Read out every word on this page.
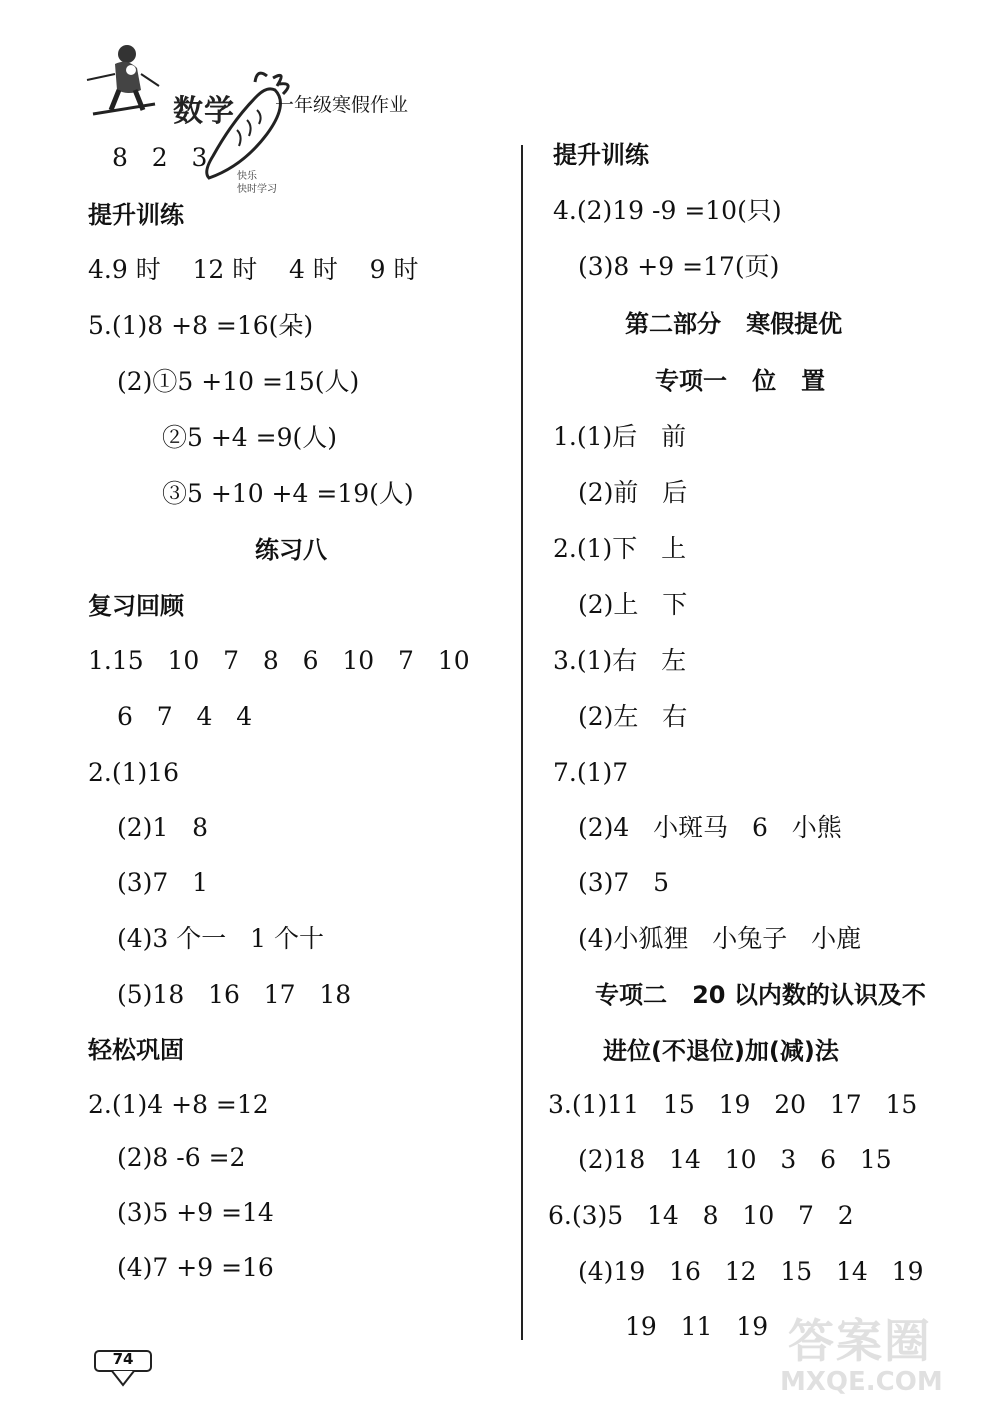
数学 一年级寒假作业
快乐
快时学习
8   2   3
提升训练
4.9 时    12 时    4 时    9 时
5.(1)8 +8 =16(朵)
(2)①5 +10 =15(人)
②5 +4 =9(人)
③5 +10 +4 =19(人)
练习八
复习回顾
1.15   10   7   8   6   10   7   10
6   7   4   4
2.(1)16
(2)1   8
(3)7   1
(4)3 个一   1 个十
(5)18   16   17   18
轻松巩固
2.(1)4 +8 =12
(2)8 -6 =2
(3)5 +9 =14
(4)7 +9 =16
提升训练
4.(2)19 -9 =10(只)
(3)8 +9 =17(页)
第二部分   寒假提优
专项一   位   置
1.(1)后   前
(2)前   后
2.(1)下   上
(2)上   下
3.(1)右   左
(2)左   右
7.(1)7
(2)4   小斑马   6   小熊
(3)7   5
(4)小狐狸   小兔子   小鹿
专项二   20 以内数的认识及不
进位(不退位)加(减)法
3.(1)11   15   19   20   17   15
(2)18   14   10   3   6   15
6.(3)5   14   8   10   7   2
(4)19   16   12   15   14   19
19   11   19
74	答案圈
MXQE.COM
